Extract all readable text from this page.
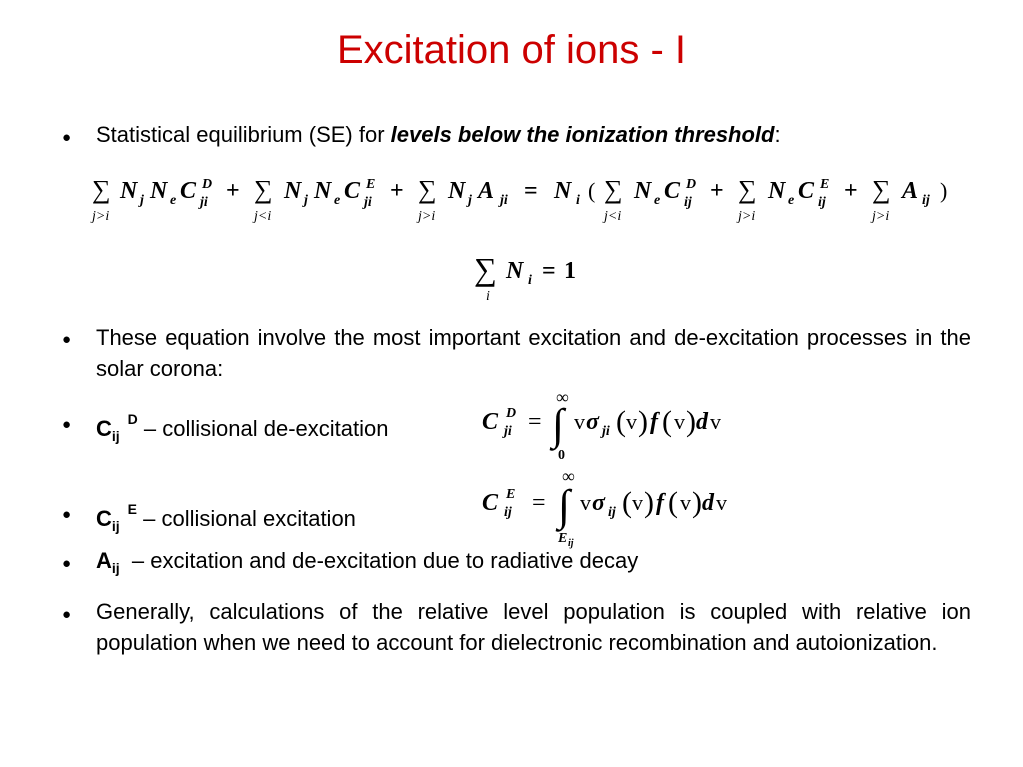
Excitation of ions - I
● Statistical equilibrium (SE) for levels below the ionization threshold:
∑
j>i
N j N e C D
ji + ∑
j<i
N j N e C E
ji + ∑
j>i
N j A ji = N i ( ∑
j<i
N e C D
ij + ∑
j>i
N e C E
ij + ∑
j>i
A ij )
∑
i
N i = 1
● These equation involve the most important excitation and de-excitation processes in the solar corona:
● $C_{ij}^D$ – collisional de-excitation	C D
ji =
∞
∫
0
v σ ji ( v ) f ( v ) d v
● $C_{ij}^E$ – collisional excitation
C E
ij =
∞
∫
E ij
v σ ij ( v ) f ( v ) d v
● $A_{ij}$  – excitation and de-excitation due to radiative decay
● Generally, calculations of the relative level population is coupled with relative ion population when we need to account for dielectronic recombination and autoionization.
